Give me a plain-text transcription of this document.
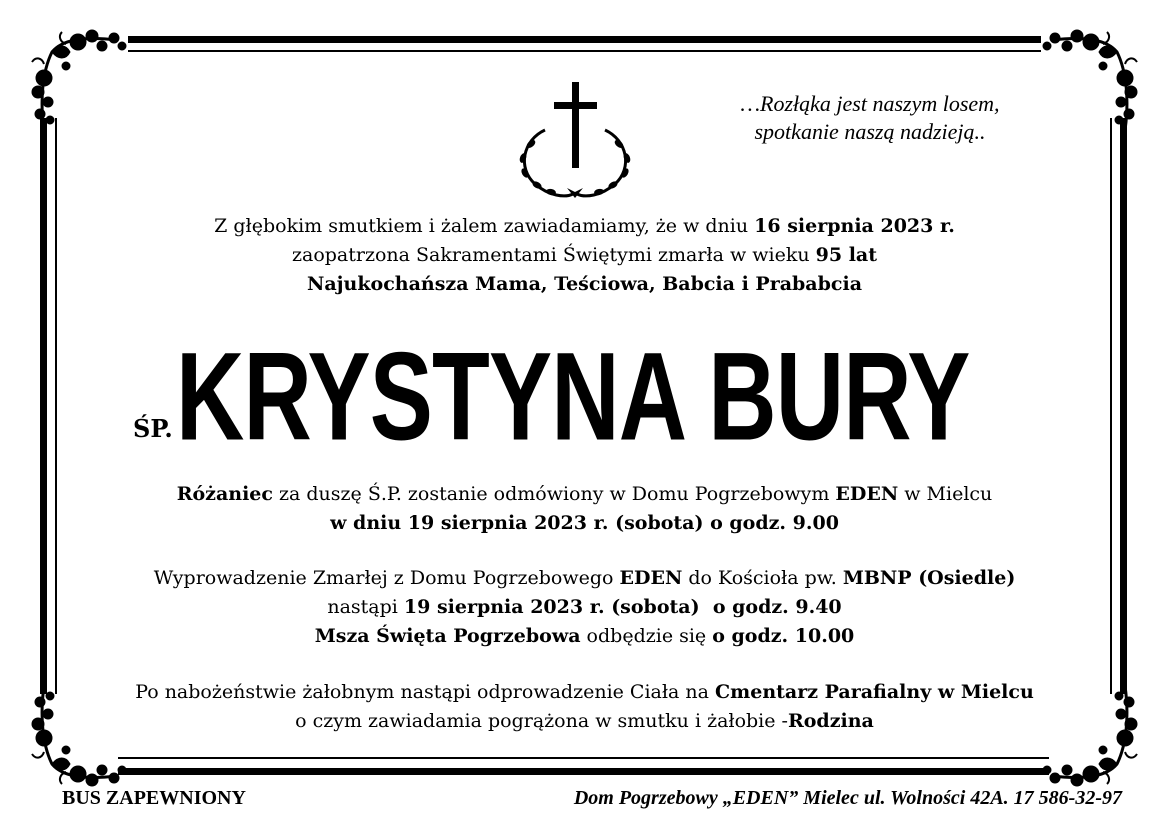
…Rozłąka jest naszym losem,
spotkanie naszą nadzieją..
Z głębokim smutkiem i żalem zawiadamiamy, że w dniu 16 sierpnia 2023 r.
zaopatrzona Sakramentami Świętymi zmarła w wieku 95 lat
Najukochańsza Mama, Teściowa, Babcia i Prababcia
ŚP. KRYSTYNA BURY
Różaniec za duszę Ś.P. zostanie odmówiony w Domu Pogrzebowym EDEN w Mielcu
w dniu 19 sierpnia 2023 r. (sobota) o godz. 9.00
Wyprowadzenie Zmarłej z Domu Pogrzebowego EDEN do Kościoła pw. MBNP (Osiedle)
nastąpi 19 sierpnia 2023 r. (sobota)  o godz. 9.40
Msza Święta Pogrzebowa odbędzie się o godz. 10.00
Po nabożeństwie żałobnym nastąpi odprowadzenie Ciała na Cmentarz Parafialny w Mielcu
o czym zawiadamia pogrążona w smutku i żałobie -Rodzina
BUS ZAPEWNIONY	Dom Pogrzebowy „EDEN” Mielec ul. Wolności 42A. 17 586-32-97
